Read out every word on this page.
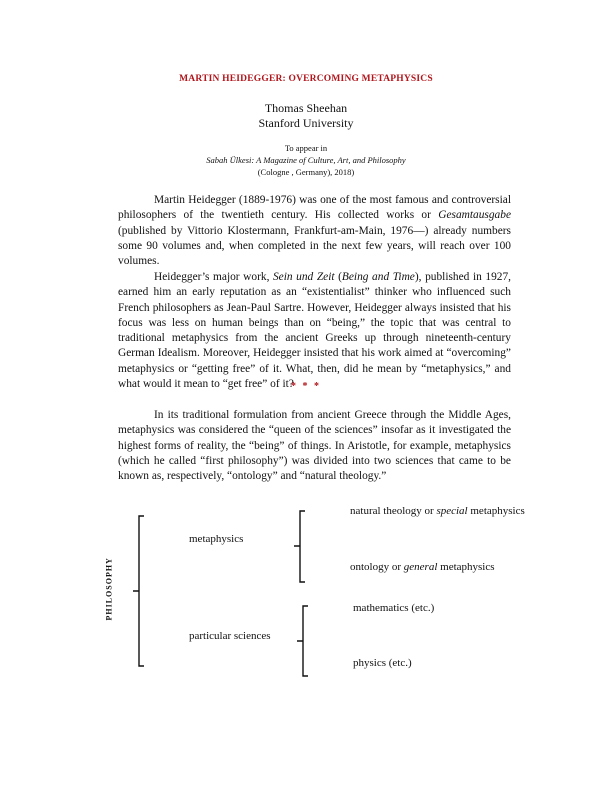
MARTIN HEIDEGGER: OVERCOMING METAPHYSICS
Thomas Sheehan
Stanford University
To appear in
Sabah Ülkesi: A Magazine of Culture, Art, and Philosophy
(Cologne , Germany), 2018)
Martin Heidegger (1889-1976) was one of the most famous and controversial philosophers of the twentieth century. His collected works or Gesamtausgabe (published by Vittorio Klostermann, Frankfurt-am-Main, 1976—) already numbers some 90 volumes and, when completed in the next few years, will reach over 100 volumes.
Heidegger’s major work, Sein und Zeit (Being and Time), published in 1927, earned him an early reputation as an “existentialist” thinker who influenced such French philosophers as Jean-Paul Sartre. However, Heidegger always insisted that his focus was less on human beings than on “being,” the topic that was central to traditional metaphysics from the ancient Greeks up through nineteenth-century German Idealism. Moreover, Heidegger insisted that his work aimed at “overcoming” metaphysics or “getting free” of it. What, then, did he mean by “metaphysics,” and what would it mean to “get free” of it?
* * *
In its traditional formulation from ancient Greece through the Middle Ages, metaphysics was considered the “queen of the sciences” insofar as it investigated the highest forms of reality, the “being” of things. In Aristotle, for example, metaphysics (which he called “first philosophy”) was divided into two sciences that came to be known as, respectively, “ontology” and “natural theology.”
PHILOSOPHY
metaphysics
particular sciences
natural theology or special metaphysics
ontology or general metaphysics
mathematics (etc.)
physics (etc.)
